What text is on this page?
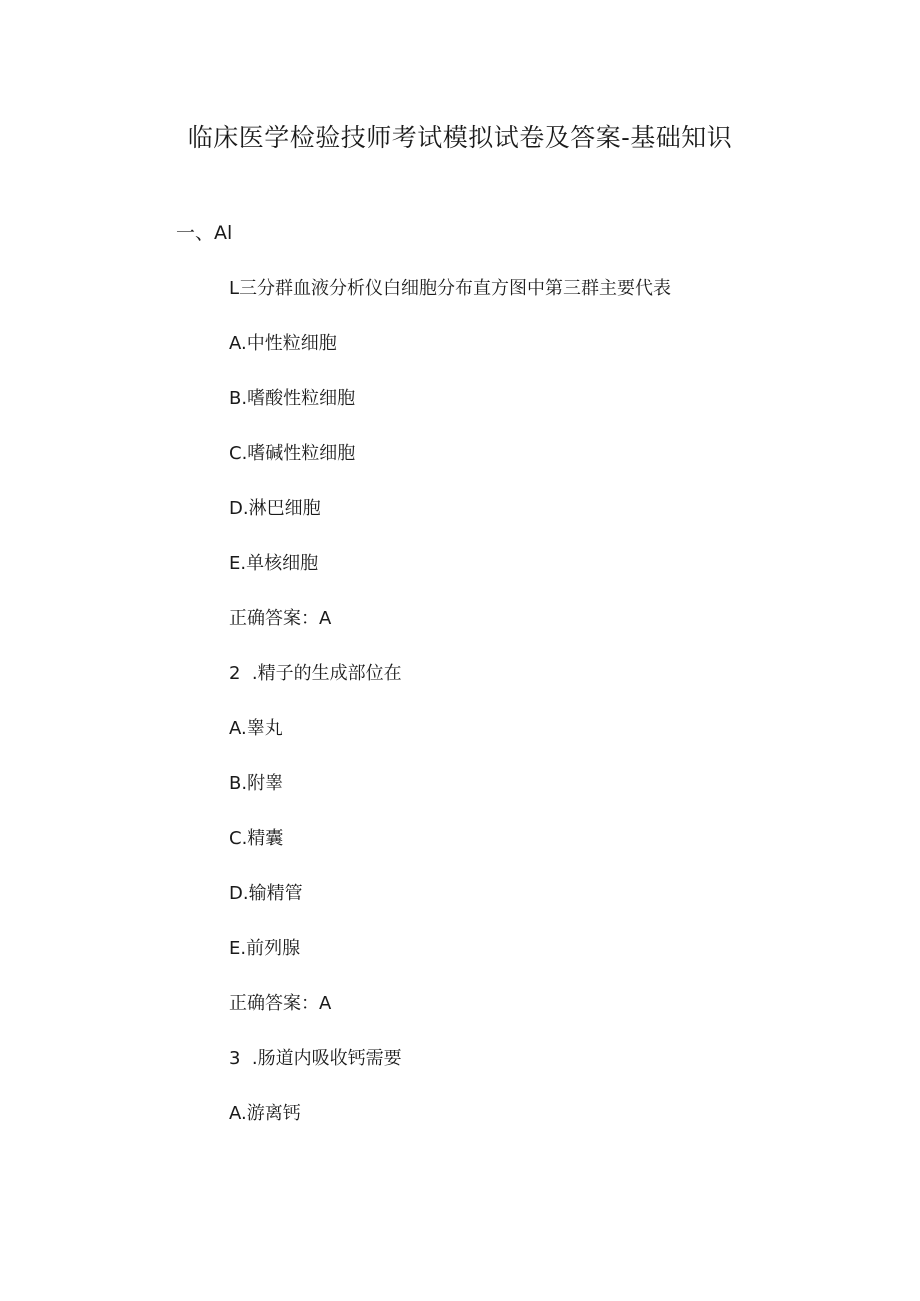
临床医学检验技师考试模拟试卷及答案-基础知识
一、Al
L三分群血液分析仪白细胞分布直方图中第三群主要代表
A.中性粒细胞
B.嗜酸性粒细胞
C.嗜碱性粒细胞
D.淋巴细胞
E.单核细胞
正确答案：A
2  .精子的生成部位在
A.睾丸
B.附睾
C.精囊
D.输精管
E.前列腺
正确答案：A
3  .肠道内吸收钙需要
A.游离钙
